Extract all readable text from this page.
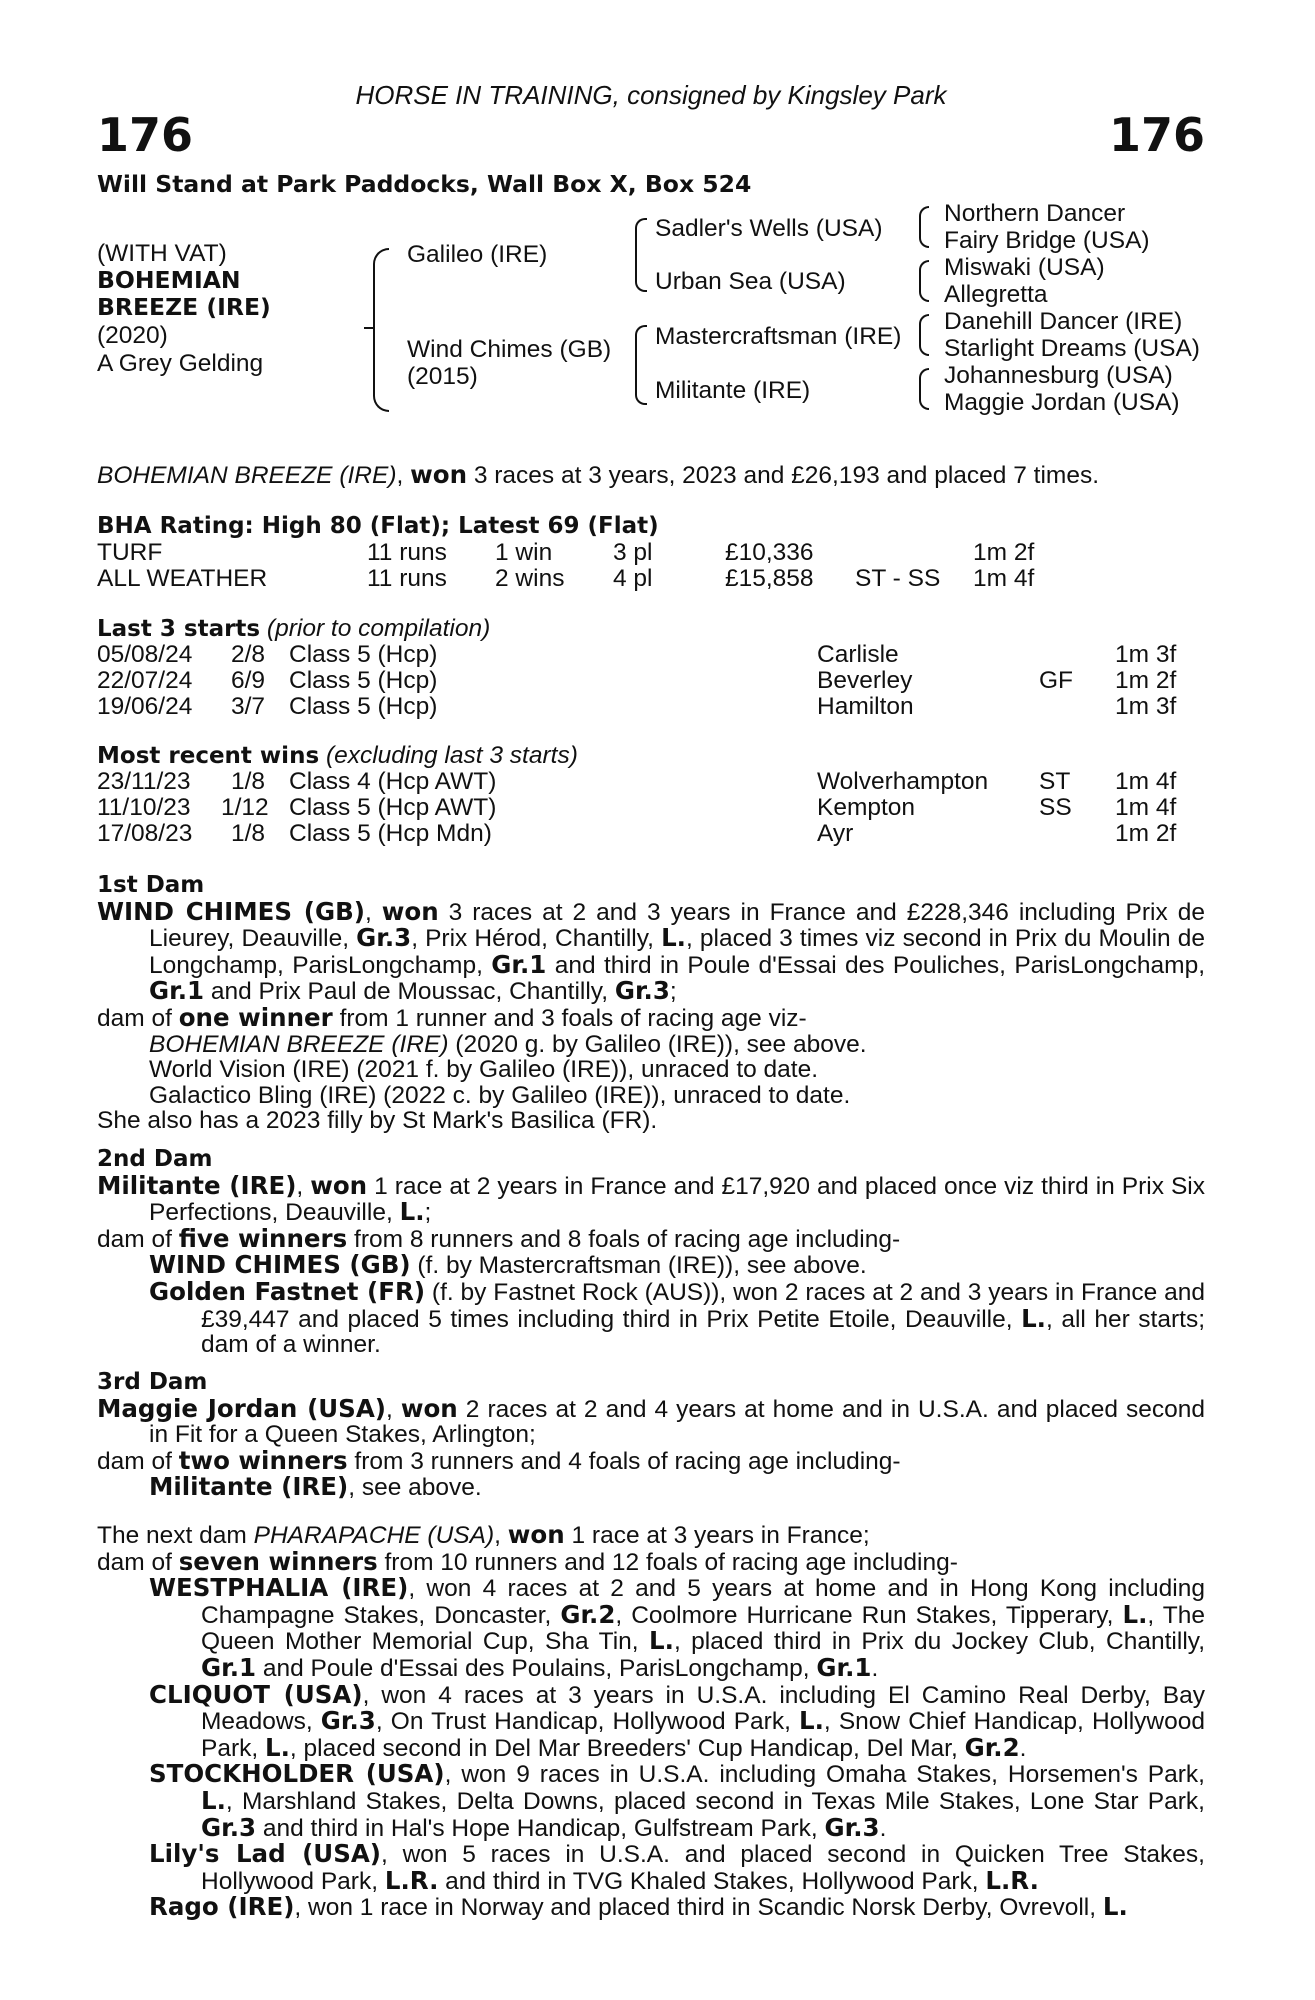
HORSE IN TRAINING, consigned by Kingsley Park
176	176
Will Stand at Park Paddocks, Wall Box X, Box 524
(WITH VAT)
BOHEMIAN
BREEZE (IRE)
(2020)
A Grey Gelding
Galileo (IRE)
Wind Chimes (GB)
(2015)
Sadler's Wells (USA)
Urban Sea (USA)
Mastercraftsman (IRE)
Militante (IRE)
Northern Dancer
Fairy Bridge (USA)
Miswaki (USA)
Allegretta
Danehill Dancer (IRE)
Starlight Dreams (USA)
Johannesburg (USA)
Maggie Jordan (USA)
BOHEMIAN BREEZE (IRE), won 3 races at 3 years, 2023 and £26,193 and placed 7 times.
BHA Rating: High 80 (Flat); Latest 69 (Flat)
TURF	11 runs 1 win 3 pl	£10,336	1m 2f
ALL WEATHER	11 runs 2 wins 4 pl	£15,858 ST - SS 1m 4f
Last 3 starts (prior to compilation)
05/08/24 2/8 Class 5 (Hcp)	Carlisle	1m 3f
22/07/24 6/9 Class 5 (Hcp)	Beverley	GF 1m 2f
19/06/24 3/7 Class 5 (Hcp)	Hamilton	1m 3f
Most recent wins (excluding last 3 starts)
23/11/23 1/8 Class 4 (Hcp AWT)	Wolverhampton ST 1m 4f
11/10/23 1/12 Class 5 (Hcp AWT)	Kempton	SS 1m 4f
17/08/23 1/8 Class 5 (Hcp Mdn)	Ayr	1m 2f
1st Dam

WIND CHIMES (GB), won 3 races at 2 and 3 years in France and £228,346 including Prix de Lieurey, Deauville, Gr.3, Prix Hérod, Chantilly, L., placed 3 times viz second in Prix du Moulin de Longchamp, ParisLongchamp, Gr.1 and third in Poule d'Essai des Pouliches, ParisLongchamp, Gr.1 and Prix Paul de Moussac, Chantilly, Gr.3;

dam of one winner from 1 runner and 3 foals of racing age viz-

BOHEMIAN BREEZE (IRE) (2020 g. by Galileo (IRE)), see above.

World Vision (IRE) (2021 f. by Galileo (IRE)), unraced to date.

Galactico Bling (IRE) (2022 c. by Galileo (IRE)), unraced to date.

She also has a 2023 filly by St Mark's Basilica (FR).

2nd Dam

Militante (IRE), won 1 race at 2 years in France and £17,920 and placed once viz third in Prix Six Perfections, Deauville, L.;

dam of five winners from 8 runners and 8 foals of racing age including-

WIND CHIMES (GB) (f. by Mastercraftsman (IRE)), see above.

Golden Fastnet (FR) (f. by Fastnet Rock (AUS)), won 2 races at 2 and 3 years in France and £39,447 and placed 5 times including third in Prix Petite Etoile, Deauville, L., all her starts; dam of a winner.

3rd Dam

Maggie Jordan (USA), won 2 races at 2 and 4 years at home and in U.S.A. and placed second in Fit for a Queen Stakes, Arlington;

dam of two winners from 3 runners and 4 foals of racing age including-

Militante (IRE), see above.

The next dam PHARAPACHE (USA), won 1 race at 3 years in France;

dam of seven winners from 10 runners and 12 foals of racing age including-

WESTPHALIA (IRE), won 4 races at 2 and 5 years at home and in Hong Kong including Champagne Stakes, Doncaster, Gr.2, Coolmore Hurricane Run Stakes, Tipperary, L., The Queen Mother Memorial Cup, Sha Tin, L., placed third in Prix du Jockey Club, Chantilly, Gr.1 and Poule d'Essai des Poulains, ParisLongchamp, Gr.1.

CLIQUOT (USA), won 4 races at 3 years in U.S.A. including El Camino Real Derby, Bay Meadows, Gr.3, On Trust Handicap, Hollywood Park, L., Snow Chief Handicap, Hollywood Park, L., placed second in Del Mar Breeders' Cup Handicap, Del Mar, Gr.2.

STOCKHOLDER (USA), won 9 races in U.S.A. including Omaha Stakes, Horsemen's Park, L., Marshland Stakes, Delta Downs, placed second in Texas Mile Stakes, Lone Star Park, Gr.3 and third in Hal's Hope Handicap, Gulfstream Park, Gr.3.

Lily's Lad (USA), won 5 races in U.S.A. and placed second in Quicken Tree Stakes, Hollywood Park, L.R. and third in TVG Khaled Stakes, Hollywood Park, L.R.

Rago (IRE), won 1 race in Norway and placed third in Scandic Norsk Derby, Ovrevoll, L.
